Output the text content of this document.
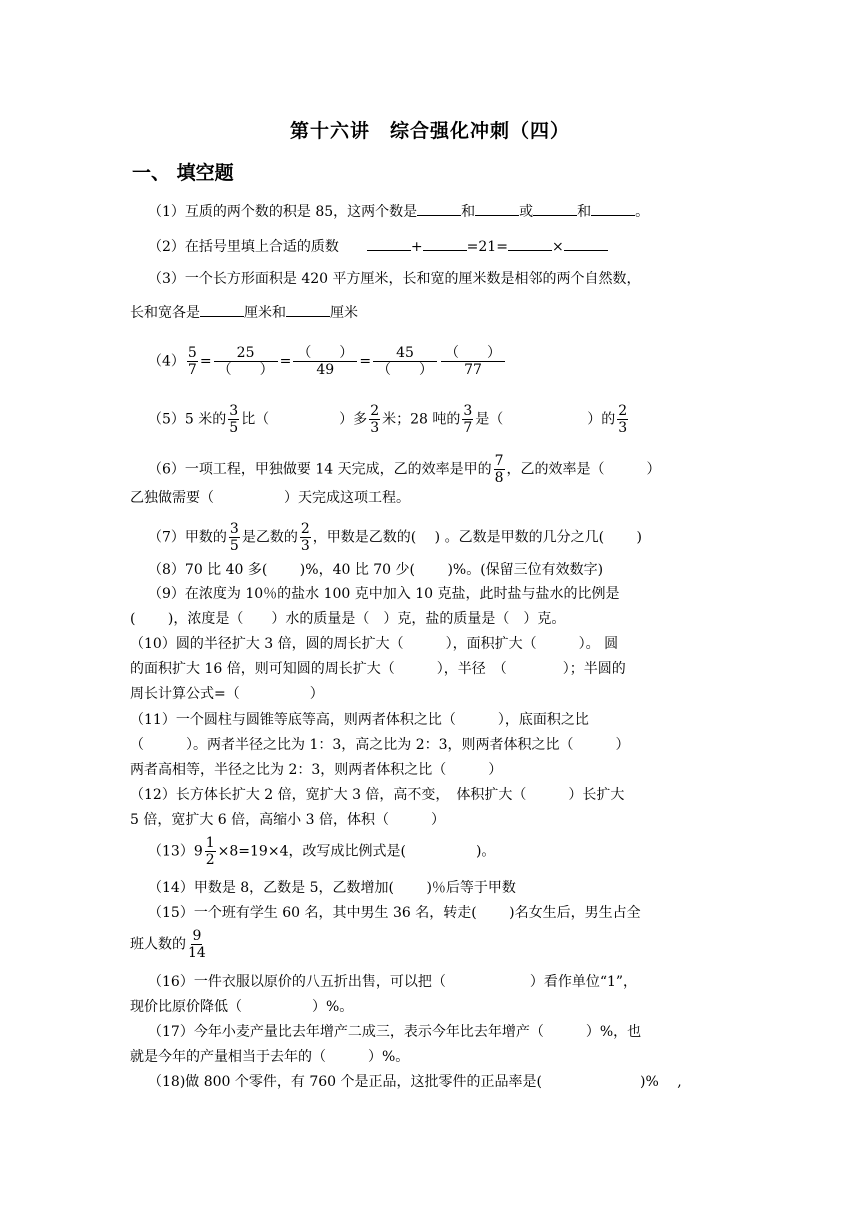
第十六讲　综合强化冲刺（四）
一、 填空题
（1）互质的两个数的积是 85，这两个数是	和	或	和	。
（2）在括号里填上合适的质数	+	=21=	×
（3）一个长方形面积是 420 平方厘米，长和宽的厘米数是相邻的两个自然数，
长和宽各是	厘米和	厘米
$(4) \frac{5}{7} = \frac{25}{( )} = \frac{( )}{49} = \frac{45}{( )} \frac{( )}{77}$
（5）5 米的 $\frac{3}{5}$ 比（　　　　　）多 $\frac{2}{3}$ 米；28 吨的 $\frac{3}{7}$ 是（　　　　　　）的 $\frac{2}{3}$
（6）一项工程，甲独做要 14 天完成，乙的效率是甲的 $\frac{7}{8}$ ，乙的效率是（　　　）
乙独做需要（　　　　　）天完成这项工程。
（7）甲数的 $\frac{3}{5}$ 是乙数的 $\frac{2}{3}$ ，甲数是乙数的(　 ) 。乙数是甲数的几分之几(　　 )
（8）70 比 40 多(　　 )%，40 比 70 少(　　 )%。(保留三位有效数字)
（9）在浓度为 10％的盐水 100 克中加入 10 克盐，此时盐与盐水的比例是
(　　 )，浓度是（　　）水的质量是（　）克，盐的质量是（　）克。
（10）圆的半径扩大 3 倍，圆的周长扩大（　　　），面积扩大（　　　）。 圆
的面积扩大 16 倍，则可知圆的周长扩大（　　　），半径　（　　　　）；半圆的
周长计算公式=（　　　　　）
（11）一个圆柱与圆锥等底等高，则两者体积之比（　　　），底面积之比
（　　　）。两者半径之比为 1：3，高之比为 2：3，则两者体积之比（　　　）
两者高相等，半径之比为 2：3，则两者体积之比（　　　）
（12）长方体长扩大 2 倍，宽扩大 3 倍，高不变，　体积扩大（　　　）长扩大
5 倍，宽扩大 6 倍，高缩小 3 倍，体积（　　　）
$(13)9 \frac{1}{2} \times 8=19\times 4$，改写成比例式是(　　　　　)。
（14）甲数是 8，乙数是 5，乙数增加(　　 )％后等于甲数
（15）一个班有学生 60 名，其中男生 36 名，转走(　　 )名女生后，男生占全
班人数的 $\frac{9}{14}$
（16）一件衣服以原价的八五折出售，可以把（　　　　　　）看作单位“1”，
现价比原价降低（　　　　　）%。
（17）今年小麦产量比去年增产二成三，表示今年比去年增产（　　　）%，也
就是今年的产量相当于去年的（　　　）%。
（18)做 800 个零件，有 760 个是正品，这批零件的正品率是(　　　　　　　)%　 ,
